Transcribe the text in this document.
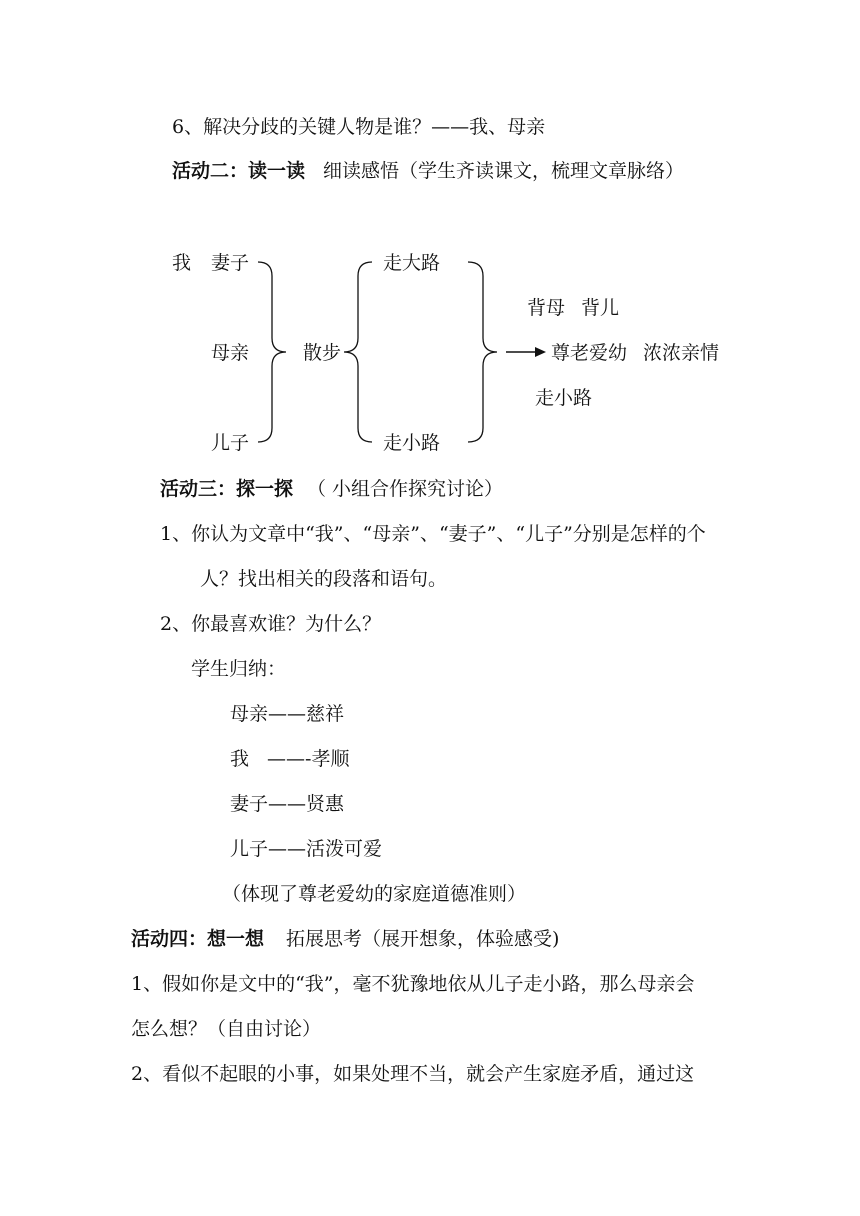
6、解决分歧的关键人物是谁？——我、母亲
活动二：读一读 细读感悟（学生齐读课文，梳理文章脉络）
我 妻子
母亲
儿子
散步
走大路
走小路
背母 背儿
尊老爱幼 浓浓亲情
走小路
活动三：探一探 （ 小组合作探究讨论）
1、你认为文章中“我”、“母亲”、“妻子”、“儿子”分别是怎样的个
人？找出相关的段落和语句。
2、你最喜欢谁？为什么？
学生归纳：
母亲——慈祥
我 ——-孝顺
妻子——贤惠
儿子——活泼可爱
（体现了尊老爱幼的家庭道德准则）
活动四：想一想 拓展思考（展开想象，体验感受)
1、假如你是文中的“我”，毫不犹豫地依从儿子走小路，那么母亲会
怎么想？（自由讨论）
2、看似不起眼的小事，如果处理不当，就会产生家庭矛盾，通过这
